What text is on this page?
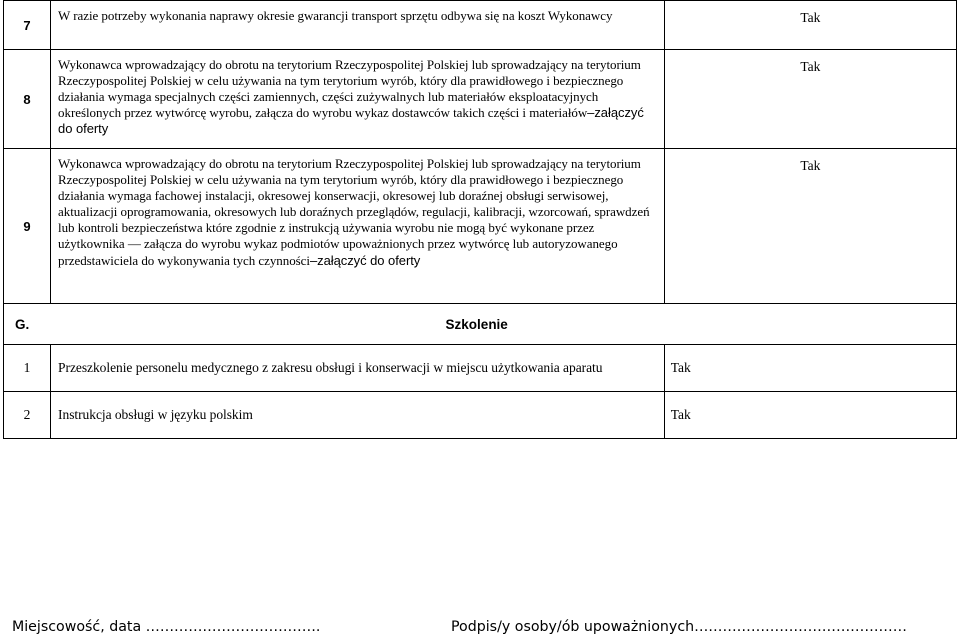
7	W razie potrzeby wykonania naprawy okresie gwarancji transport sprzętu odbywa się na koszt Wykonawcy	Tak
8	Wykonawca wprowadzający do obrotu na terytorium Rzeczypospolitej Polskiej lub sprowadzający na terytorium Rzeczypospolitej Polskiej w celu używania na tym terytorium wyrób, który dla prawidłowego i bezpiecznego działania wymaga specjalnych części zamiennych, części zużywalnych lub materiałów eksploatacyjnych określonych przez wytwórcę wyrobu, załącza do wyrobu wykaz dostawców takich części i materiałów–załączyć do oferty	Tak
9	Wykonawca wprowadzający do obrotu na terytorium Rzeczypospolitej Polskiej lub sprowadzający na terytorium Rzeczypospolitej Polskiej w celu używania na tym terytorium wyrób, który dla prawidłowego i bezpiecznego działania wymaga fachowej instalacji, okresowej konserwacji, okresowej lub doraźnej obsługi serwisowej, aktualizacji oprogramowania, okresowych lub doraźnych przeglądów, regulacji, kalibracji, wzorcowań, sprawdzeń lub kontroli bezpieczeństwa które zgodnie z instrukcją używania wyrobu nie mogą być wykonane przez użytkownika — załącza do wyrobu wykaz podmiotów upoważnionych przez wytwórcę lub autoryzowanego przedstawiciela do wykonywania tych czynności–załączyć do oferty	Tak
G.	Szkolenie	
1	Przeszkolenie personelu medycznego z zakresu obsługi i konserwacji w miejscu użytkowania aparatu	Tak
2	Instrukcja obsługi w języku polskim	Tak
Miejscowość, data ……………………………….	Podpis/y osoby/ób upoważnionych………………………………………
